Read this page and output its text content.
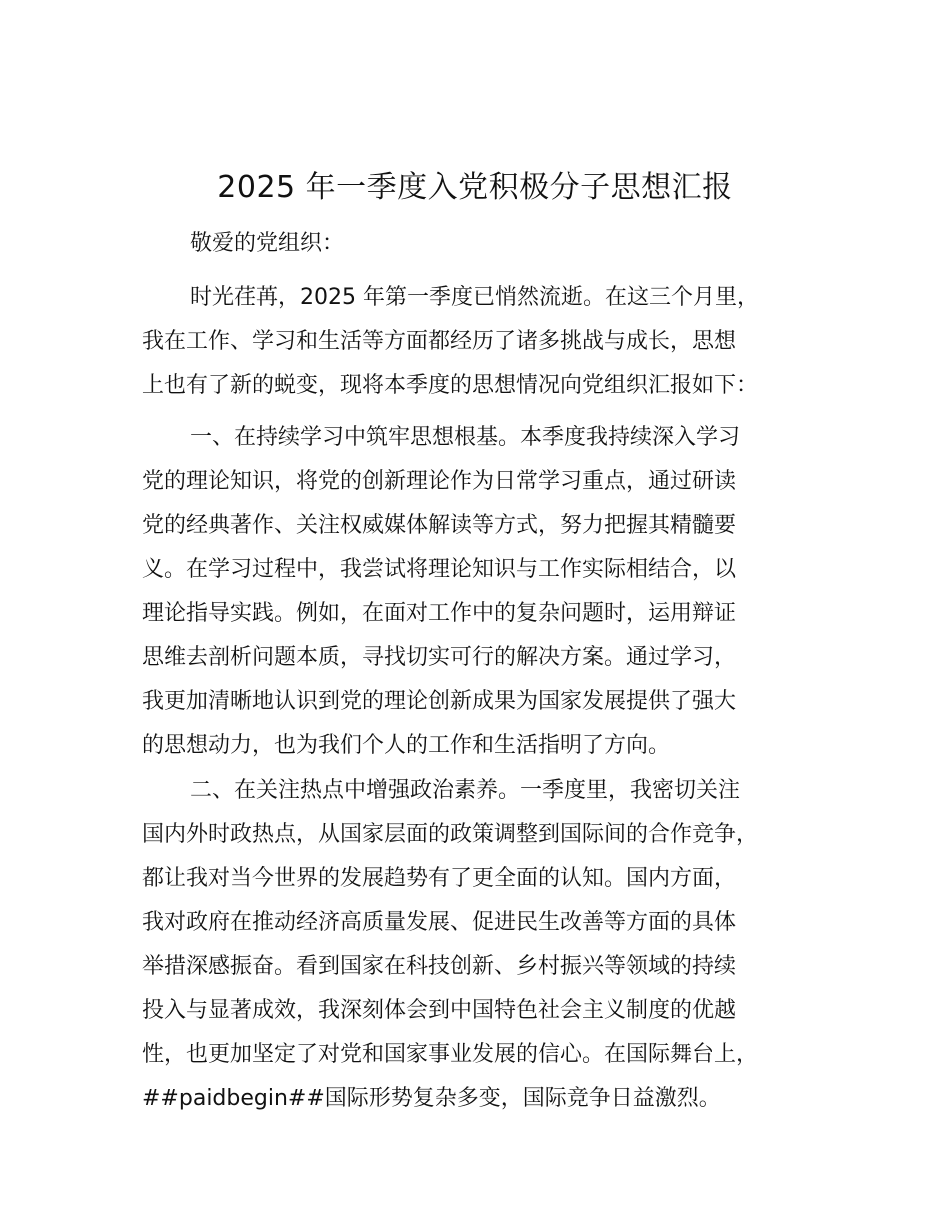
2025 年一季度入党积极分子思想汇报
敬爱的党组织：
时光荏苒，2025 年第一季度已悄然流逝。在这三个月里，
我在工作、学习和生活等方面都经历了诸多挑战与成长，思想
上也有了新的蜕变，现将本季度的思想情况向党组织汇报如下：
一、在持续学习中筑牢思想根基。本季度我持续深入学习
党的理论知识，将党的创新理论作为日常学习重点，通过研读
党的经典著作、关注权威媒体解读等方式，努力把握其精髓要
义。在学习过程中，我尝试将理论知识与工作实际相结合，以
理论指导实践。例如，在面对工作中的复杂问题时，运用辩证
思维去剖析问题本质，寻找切实可行的解决方案。通过学习，
我更加清晰地认识到党的理论创新成果为国家发展提供了强大
的思想动力，也为我们个人的工作和生活指明了方向。
二、在关注热点中增强政治素养。一季度里，我密切关注
国内外时政热点，从国家层面的政策调整到国际间的合作竞争，
都让我对当今世界的发展趋势有了更全面的认知。国内方面，
我对政府在推动经济高质量发展、促进民生改善等方面的具体
举措深感振奋。看到国家在科技创新、乡村振兴等领域的持续
投入与显著成效，我深刻体会到中国特色社会主义制度的优越
性，也更加坚定了对党和国家事业发展的信心。在国际舞台上，
##paidbegin##国际形势复杂多变，国际竞争日益激烈。
